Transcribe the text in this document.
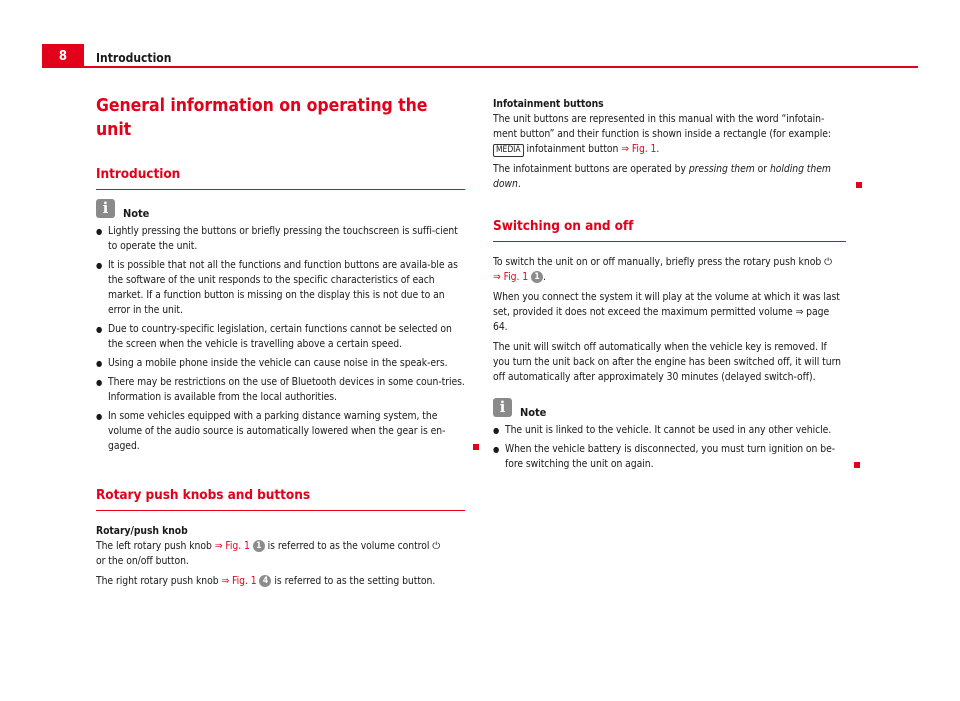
8	Introduction
General information on operating the unit
Introduction
i	Note
● Lightly pressing the buttons or briefly pressing the touchscreen is suffi-cient to operate the unit.
● It is possible that not all the functions and function buttons are availa-ble as the software of the unit responds to the specific characteristics of each market. If a function button is missing on the display this is not due to an error in the unit.
● Due to country-specific legislation, certain functions cannot be selected on the screen when the vehicle is travelling above a certain speed.
● Using a mobile phone inside the vehicle can cause noise in the speak-ers.
● There may be restrictions on the use of Bluetooth devices in some coun-tries. Information is available from the local authorities.
● In some vehicles equipped with a parking distance warning system, the volume of the audio source is automatically lowered when the gear is en-gaged.
Rotary push knobs and buttons

Rotary/push knob

The left rotary push knob ⇒ Fig. 1 1 is referred to as the volume control ⏻
or the on/off button.

The right rotary push knob ⇒ Fig. 1 4 is referred to as the setting button.

Infotainment buttons

The unit buttons are represented in this manual with the word “infotain-ment button” and their function is shown inside a rectangle (for example: MEDIA infotainment button ⇒ Fig. 1.

The infotainment buttons are operated by pressing them or holding them down.

Switching on and off

To switch the unit on or off manually, briefly press the rotary push knob ⏻
⇒ Fig. 1 1 .

When you connect the system it will play at the volume at which it was last set, provided it does not exceed the maximum permitted volume ⇒ page 64.

The unit will switch off automatically when the vehicle key is removed. If you turn the unit back on after the engine has been switched off, it will turn off automatically after approximately 30 minutes (delayed switch-off).

i	Note
● The unit is linked to the vehicle. It cannot be used in any other vehicle.
● When the vehicle battery is disconnected, you must turn ignition on be-fore switching the unit on again.
